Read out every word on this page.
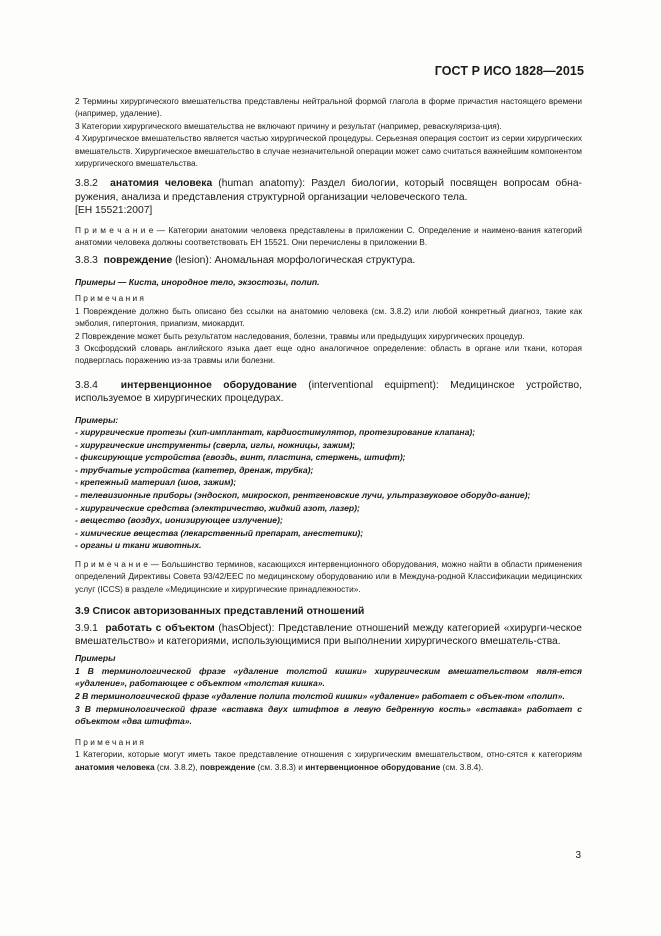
ГОСТ Р ИСО 1828—2015

2 Термины хирургического вмешательства представлены нейтральной формой глагола в форме причастия настоящего времени (например, удаление).

3 Категории хирургического вмешательства не включают причину и результат (например, реваскуляриза-ция).

4 Хирургическое вмешательство является частью хирургической процедуры. Серьезная операция состоит из серии хирургических вмешательств. Хирургическое вмешательство в случае незначительной операции может само считаться важнейшим компонентом хирургического вмешательства.

3.8.2 анатомия человека (human anatomy): Раздел биологии, который посвящен вопросам обна-ружения, анализа и представления структурной организации человеческого тела.

[ЕН 15521:2007]

П р и м е ч а н и е — Категории анатомии человека представлены в приложении С. Определение и наимено-вания категорий анатомии человека должны соответствовать ЕН 15521. Они перечислены в приложении В.

3.8.3 повреждение (lesion): Аномальная морфологическая структура.

Примеры — Киста, инородное тело, экзостозы, полип.

П р и м е ч а н и я

1 Повреждение должно быть описано без ссылки на анатомию человека (см. 3.8.2) или любой конкретный диагноз, такие как эмболия, гипертония, приапизм, миокардит.

2 Повреждение может быть результатом наследования, болезни, травмы или предыдущих хирургических процедур.

3 Оксфордский словарь английского языка дает еще одно аналогичное определение: область в органе или ткани, которая подверглась поражению из-за травмы или болезни.

3.8.4 интервенционное оборудование (interventional equipment): Медицинское устройство, используемое в хирургических процедурах.

Примеры:

- хирургические протезы (хип-имплантат, кардиостимулятор, протезирование клапана);

- хирургические инструменты (сверла, иглы, ножницы, зажим);

- фиксирующие устройства (гвоздь, винт, пластина, стержень, штифт);

- трубчатые устройства (катетер, дренаж, трубка);

- крепежный материал (шов, зажим);

- телевизионные приборы (эндоскоп, микроскоп, рентгеновские лучи, ультразвуковое оборудо-вание);

- хирургические средства (электричество, жидкий азот, лазер);

- вещество (воздух, ионизирующее излучение);

- химические вещества (лекарственный препарат, анестетики);

- органы и ткани животных.

П р и м е ч а н и е — Большинство терминов, касающихся интервенционного оборудования, можно найти в области применения определений Директивы Совета 93/42/ЕЕС по медицинскому оборудованию или в Междуна-родной Классификации медицинских услуг (ICCS) в разделе «Медицинские и хирургические принадлежности».

3.9 Список авторизованных представлений отношений

3.9.1 работать с объектом (hasObject): Представление отношений между категорией «хирурги-ческое вмешательство» и категориями, использующимися при выполнении хирургического вмешатель-ства.

Примеры

1 В терминологической фразе «удаление толстой кишки» хирургическим вмешательством явля-ется «удаление», работающее с объектом «толстая кишка».

2 В терминологической фразе «удаление полипа толстой кишки» «удаление» работает с объек-том «полип».

3 В терминологической фразе «вставка двух штифтов в левую бедренную кость» «вставка» работает с объектом «два штифта».

П р и м е ч а н и я

1 Категории, которые могут иметь такое представление отношения с хирургическим вмешательством, отно-сятся к категориям анатомия человека (см. 3.8.2), повреждение (см. 3.8.3) и интервенционное оборудование (см. 3.8.4).

3
